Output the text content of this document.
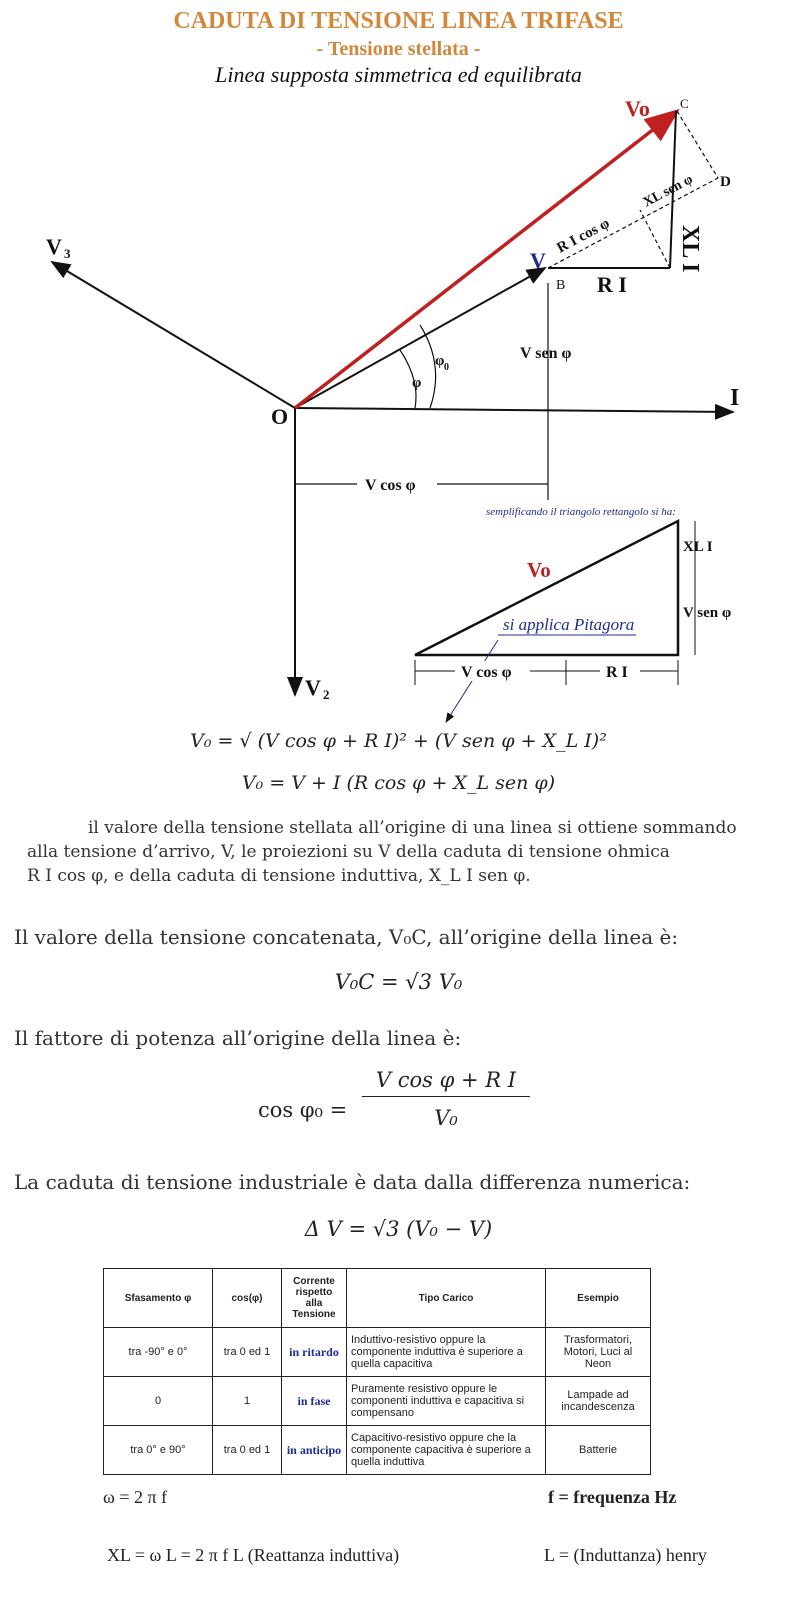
CADUTA DI TENSIONE LINEA TRIFASE
- Tensione stellata -
Linea supposta simmetrica ed equilibrata
Vo C
D
V 3	V
B
R I cos φ
XL sen φ
XL I
R I
φ 0
φ
V sen φ
O
I
V cos φ
V 2
semplificando il triangolo rettangolo si ha:
Vo
XL I
V sen φ
si applica Pitagora
V cos φ	R I
V₀ = √ (V cos φ + R I)² + (V sen φ + X_L I)²
V₀ = V + I (R cos φ + X_L sen φ)
il valore della tensione stellata all’origine di una linea si ottiene sommando
alla tensione d’arrivo, V, le proiezioni su V della caduta di tensione ohmica
R I cos φ, e della caduta di tensione induttiva, X_L I sen φ.
Il valore della tensione concatenata, V₀C, all’origine della linea è:
V₀C = √3 V₀
Il fattore di potenza all’origine della linea è:
cos φ₀ =
V cos φ + R I
V₀
La caduta di tensione industriale è data dalla differenza numerica:
Δ V = √3 (V₀ − V)
Sfasamento φ	cos(φ)	Corrente rispetto alla Tensione	Tipo Carico	Esempio
tra -90° e 0°	tra 0 ed 1	in ritardo	Induttivo-resistivo oppure la componente induttiva è superiore a quella capacitiva	Trasformatori, Motori, Luci al Neon
0	1	in fase	Puramente resistivo oppure le componenti induttiva e capacitiva si compensano	Lampade ad incandescenza
tra 0° e 90°	tra 0 ed 1	in anticipo	Capacitivo-resistivo oppure che la componente capacitiva è superiore a quella induttiva	Batterie
ω = 2 π f	f = frequenza Hz
XL = ω L = 2 π f L (Reattanza induttiva)	L = (Induttanza) henry
